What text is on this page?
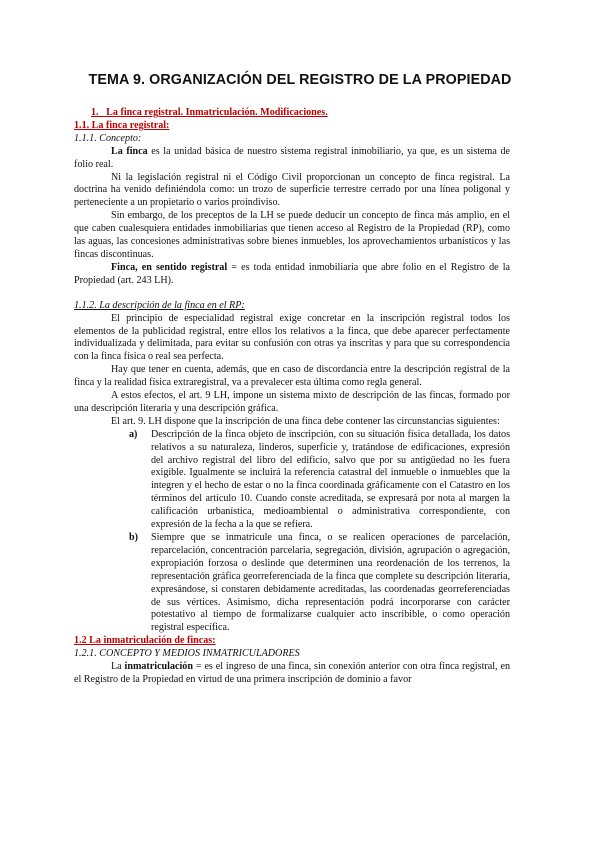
TEMA 9. ORGANIZACIÓN DEL REGISTRO DE LA PROPIEDAD
1. La finca registral. Inmatriculación. Modificaciones.
1.1. La finca registral:
1.1.1. Concepto:

La finca es la unidad básica de nuestro sistema registral inmobiliario, ya que, es un sistema de folio real.

Ni la legislación registral ni el Código Civil proporcionan un concepto de finca registral. La doctrina ha venido definiéndola como: un trozo de superficie terrestre cerrado por una línea poligonal y perteneciente a un propietario o varios proindiviso.

Sin embargo, de los preceptos de la LH se puede deducir un concepto de finca más amplio, en el que caben cualesquiera entidades inmobiliarias que tienen acceso al Registro de la Propiedad (RP), como las aguas, las concesiones administrativas sobre bienes inmuebles, los aprovechamientos urbanísticos y las fincas discontinuas.

Finca, en sentido registral = es toda entidad inmobiliaria que abre folio en el Registro de la Propiedad (art. 243 LH).

1.1.2. La descripción de la finca en el RP:

El principio de especialidad registral exige concretar en la inscripción registral todos los elementos de la publicidad registral, entre ellos los relativos a la finca, que debe aparecer perfectamente individualizada y delimitada, para evitar su confusión con otras ya inscritas y para que su correspondencia con la finca física o real sea perfecta.

Hay que tener en cuenta, además, que en caso de discordancia entre la descripción registral de la finca y la realidad física extraregistral, va a prevalecer esta última como regla general.

A estos efectos, el art. 9 LH, impone un sistema mixto de descripción de las fincas, formado por una descripción literaria y una descripción gráfica.

El art. 9. LH dispone que la inscripción de una finca debe contener las circunstancias siguientes:

a) Descripción de la finca objeto de inscripción, con su situación física detallada, los datos relativos a su naturaleza, linderos, superficie y, tratándose de edificaciones, expresión del archivo registral del libro del edificio, salvo que por su antigüedad no les fuera exigible. Igualmente se incluirá la referencia catastral del inmueble o inmuebles que la integren y el hecho de estar o no la finca coordinada gráficamente con el Catastro en los términos del artículo 10. Cuando conste acreditada, se expresará por nota al margen la calificación urbanística, medioambiental o administrativa correspondiente, con expresión de la fecha a la que se refiera.
b) Siempre que se inmatricule una finca, o se realicen operaciones de parcelación, reparcelación, concentración parcelaria, segregación, división, agrupación o agregación, expropiación forzosa o deslinde que determinen una reordenación de los terrenos, la representación gráfica georreferenciada de la finca que complete su descripción literaria, expresándose, si constaren debidamente acreditadas, las coordenadas georreferenciadas de sus vértices. Asimismo, dicha representación podrá incorporarse con carácter potestativo al tiempo de formalizarse cualquier acto inscribible, o como operación registral específica.
1.2 La inmatriculación de fincas:
1.2.1. CONCEPTO Y MEDIOS INMATRICULADORES

La inmatriculación = es el ingreso de una finca, sin conexión anterior con otra finca registral, en el Registro de la Propiedad en virtud de una primera inscripción de dominio a favor
